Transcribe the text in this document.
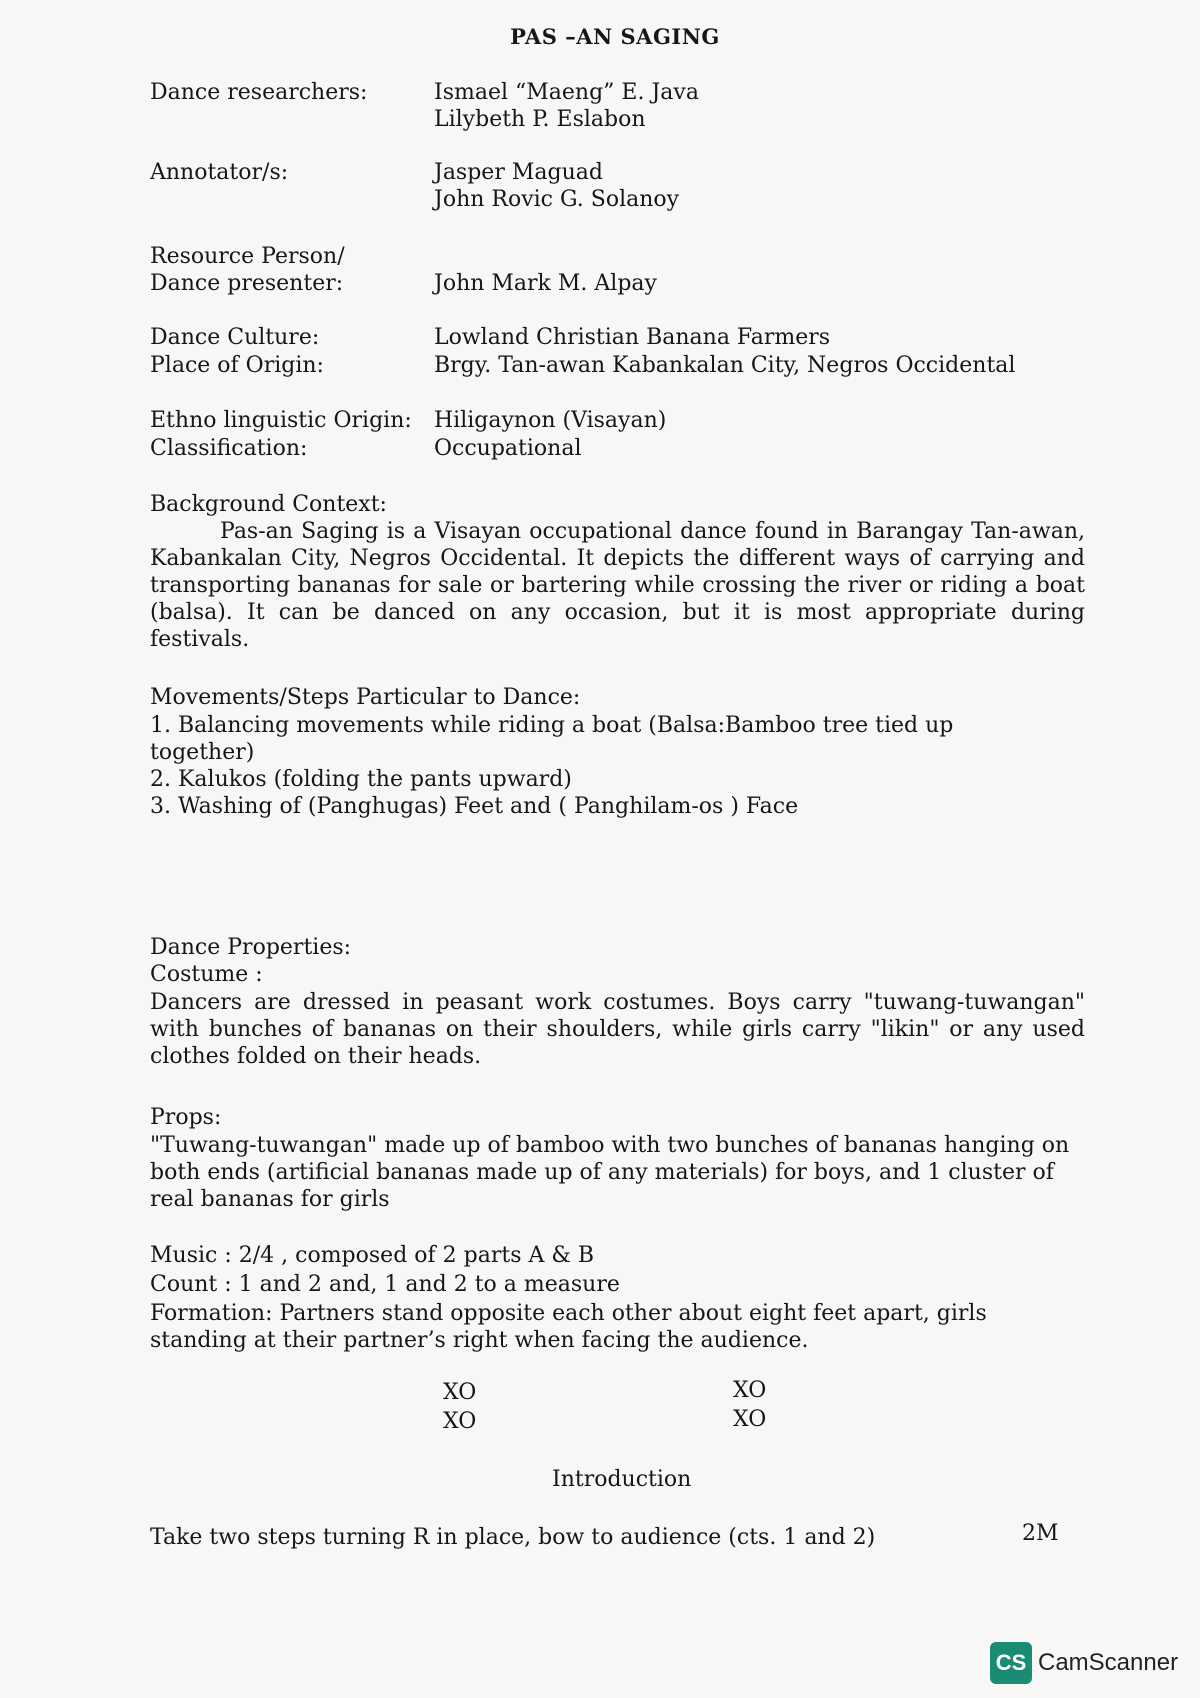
PAS –AN SAGING
Dance researchers:	Ismael “Maeng” E. Java
Lilybeth P. Eslabon
Annotator/s:	Jasper Maguad
John Rovic G. Solanoy
Resource Person/
Dance presenter:	John Mark M. Alpay
Dance Culture:	Lowland Christian Banana Farmers
Place of Origin:	Brgy. Tan-awan Kabankalan City, Negros Occidental
Ethno linguistic Origin: Hiligaynon (Visayan)
Classification:	Occupational
Background Context:
Pas-an Saging is a Visayan occupational dance found in Barangay Tan-awan, Kabankalan City, Negros Occidental. It depicts the different ways of carrying and transporting bananas for sale or bartering while crossing the river or riding a boat (balsa). It can be danced on any occasion, but it is most appropriate during festivals.
Movements/Steps Particular to Dance:
1. Balancing movements while riding a boat (Balsa:Bamboo tree tied up together)
2. Kalukos (folding the pants upward)
3. Washing of (Panghugas) Feet and ( Panghilam-os ) Face
Dance Properties:
Costume :
Dancers are dressed in peasant work costumes. Boys carry "tuwang-tuwangan" with bunches of bananas on their shoulders, while girls carry "likin" or any used clothes folded on their heads.
Props:
"Tuwang-tuwangan" made up of bamboo with two bunches of bananas hanging on both ends (artificial bananas made up of any materials) for boys, and 1 cluster of real bananas for girls
Music : 2/4 , composed of 2 parts A & B
Count : 1 and 2 and, 1 and 2 to a measure
Formation: Partners stand opposite each other about eight feet apart, girls standing at their partner’s right when facing the audience.
XO	XO
XO	XO
Introduction
Take two steps turning R in place, bow to audience (cts. 1 and 2)	2M
CS CamScanner
